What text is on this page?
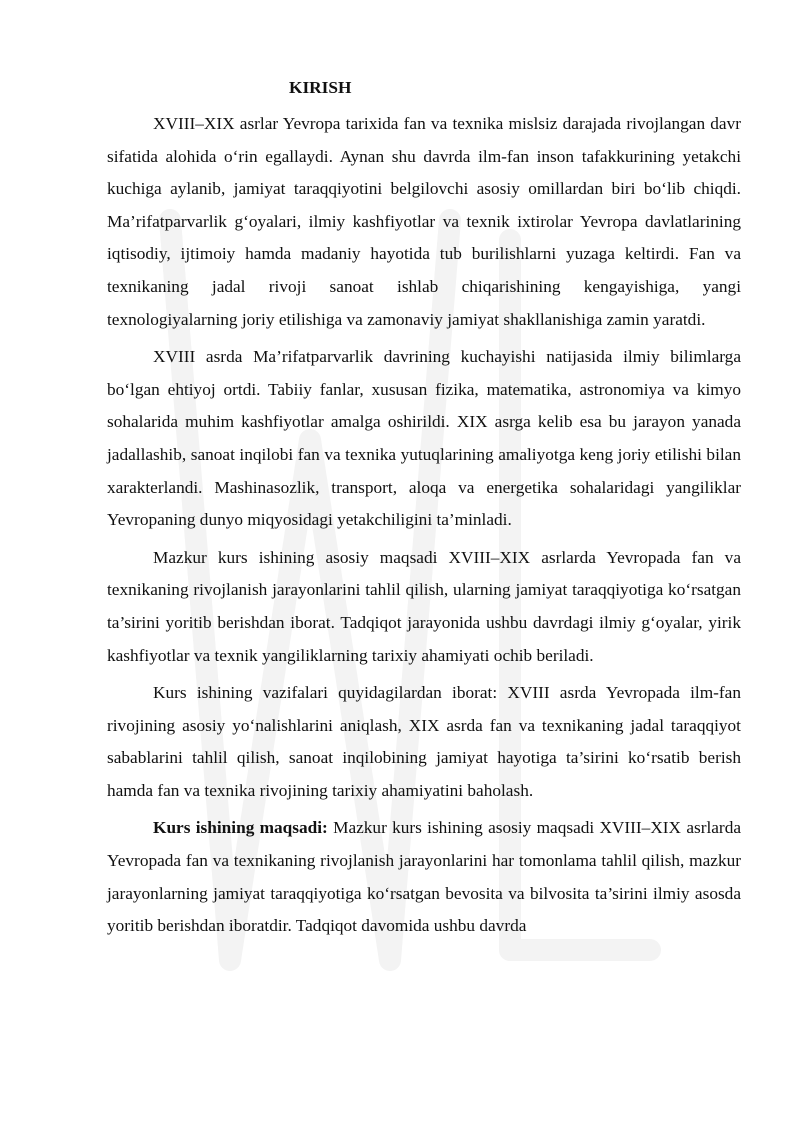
KIRISH

XVIII–XIX asrlar Yevropa tarixida fan va texnika mislsiz darajada rivojlangan davr sifatida alohida o‘rin egallaydi. Aynan shu davrda ilm-fan inson tafakkurining yetakchi kuchiga aylanib, jamiyat taraqqiyotini belgilovchi asosiy omillardan biri bo‘lib chiqdi. Ma’rifatparvarlik g‘oyalari, ilmiy kashfiyotlar va texnik ixtirolar Yevropa davlatlarining iqtisodiy, ijtimoiy hamda madaniy hayotida tub burilishlarni yuzaga keltirdi. Fan va texnikaning jadal rivoji sanoat ishlab chiqarishining kengayishiga, yangi texnologiyalarning joriy etilishiga va zamonaviy jamiyat shakllanishiga zamin yaratdi.

XVIII asrda Ma’rifatparvarlik davrining kuchayishi natijasida ilmiy bilimlarga bo‘lgan ehtiyoj ortdi. Tabiiy fanlar, xususan fizika, matematika, astronomiya va kimyo sohalarida muhim kashfiyotlar amalga oshirildi. XIX asrga kelib esa bu jarayon yanada jadallashib, sanoat inqilobi fan va texnika yutuqlarining amaliyotga keng joriy etilishi bilan xarakterlandi. Mashinasozlik, transport, aloqa va energetika sohalaridagi yangiliklar Yevropaning dunyo miqyosidagi yetakchiligini ta’minladi.

Mazkur kurs ishining asosiy maqsadi XVIII–XIX asrlarda Yevropada fan va texnikaning rivojlanish jarayonlarini tahlil qilish, ularning jamiyat taraqqiyotiga ko‘rsatgan ta’sirini yoritib berishdan iborat. Tadqiqot jarayonida ushbu davrdagi ilmiy g‘oyalar, yirik kashfiyotlar va texnik yangiliklarning tarixiy ahamiyati ochib beriladi.

Kurs ishining vazifalari quyidagilardan iborat: XVIII asrda Yevropada ilm-fan rivojining asosiy yo‘nalishlarini aniqlash, XIX asrda fan va texnikaning jadal taraqqiyot sabablarini tahlil qilish, sanoat inqilobining jamiyat hayotiga ta’sirini ko‘rsatib berish hamda fan va texnika rivojining tarixiy ahamiyatini baholash.

Kurs ishining maqsadi: Mazkur kurs ishining asosiy maqsadi XVIII–XIX asrlarda Yevropada fan va texnikaning rivojlanish jarayonlarini har tomonlama tahlil qilish, mazkur jarayonlarning jamiyat taraqqiyotiga ko‘rsatgan bevosita va bilvosita ta’sirini ilmiy asosda yoritib berishdan iboratdir. Tadqiqot davomida ushbu davrda
